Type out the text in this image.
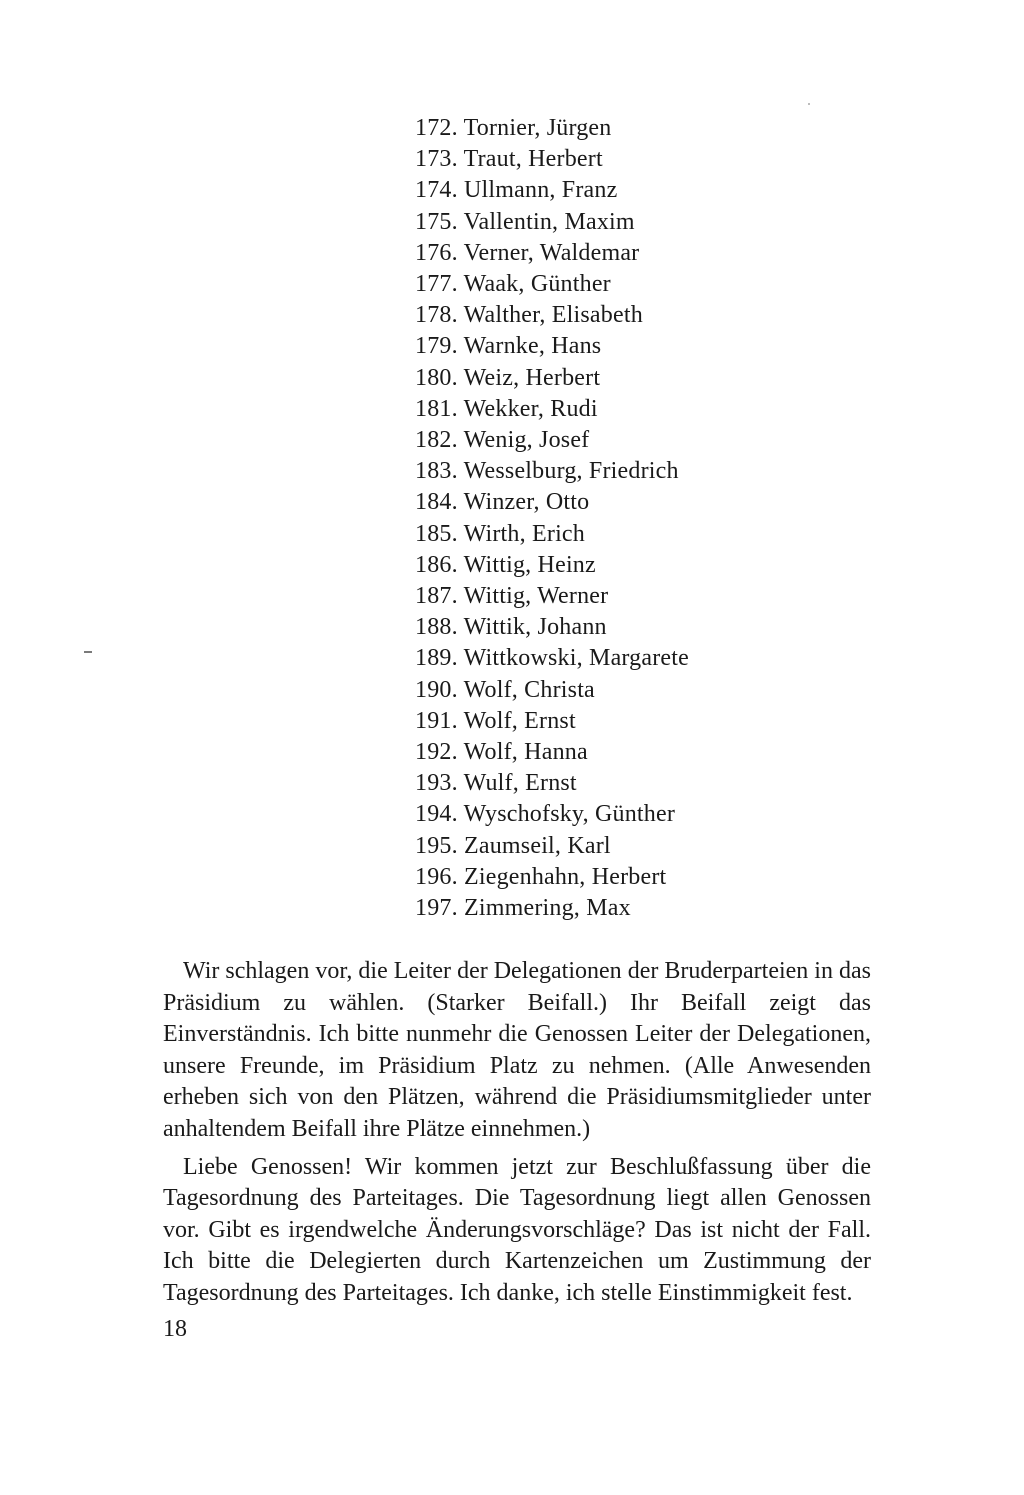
172. Tornier, Jürgen
173. Traut, Herbert
174. Ullmann, Franz
175. Vallentin, Maxim
176. Verner, Waldemar
177. Waak, Günther
178. Walther, Elisabeth
179. Warnke, Hans
180. Weiz, Herbert
181. Wekker, Rudi
182. Wenig, Josef
183. Wesselburg, Friedrich
184. Winzer, Otto
185. Wirth, Erich
186. Wittig, Heinz
187. Wittig, Werner
188. Wittik, Johann
189. Wittkowski, Margarete
190. Wolf, Christa
191. Wolf, Ernst
192. Wolf, Hanna
193. Wulf, Ernst
194. Wyschofsky, Günther
195. Zaumseil, Karl
196. Ziegenhahn, Herbert
197. Zimmering, Max

Wir schlagen vor, die Leiter der Delegationen der Bruderparteien in das Präsidium zu wählen. (Starker Beifall.) Ihr Beifall zeigt das Einverständnis. Ich bitte nunmehr die Genossen Leiter der Delegationen, unsere Freunde, im Präsidium Platz zu nehmen. (Alle Anwesenden erheben sich von den Plätzen, während die Präsidiumsmitglieder unter anhaltendem Beifall ihre Plätze einnehmen.)

Liebe Genossen! Wir kommen jetzt zur Beschlußfassung über die Tagesordnung des Parteitages. Die Tagesordnung liegt allen Genossen vor. Gibt es irgendwelche Änderungsvorschläge? Das ist nicht der Fall. Ich bitte die Delegierten durch Kartenzeichen um Zustimmung der Tagesordnung des Parteitages. Ich danke, ich stelle Einstimmigkeit fest.

18
